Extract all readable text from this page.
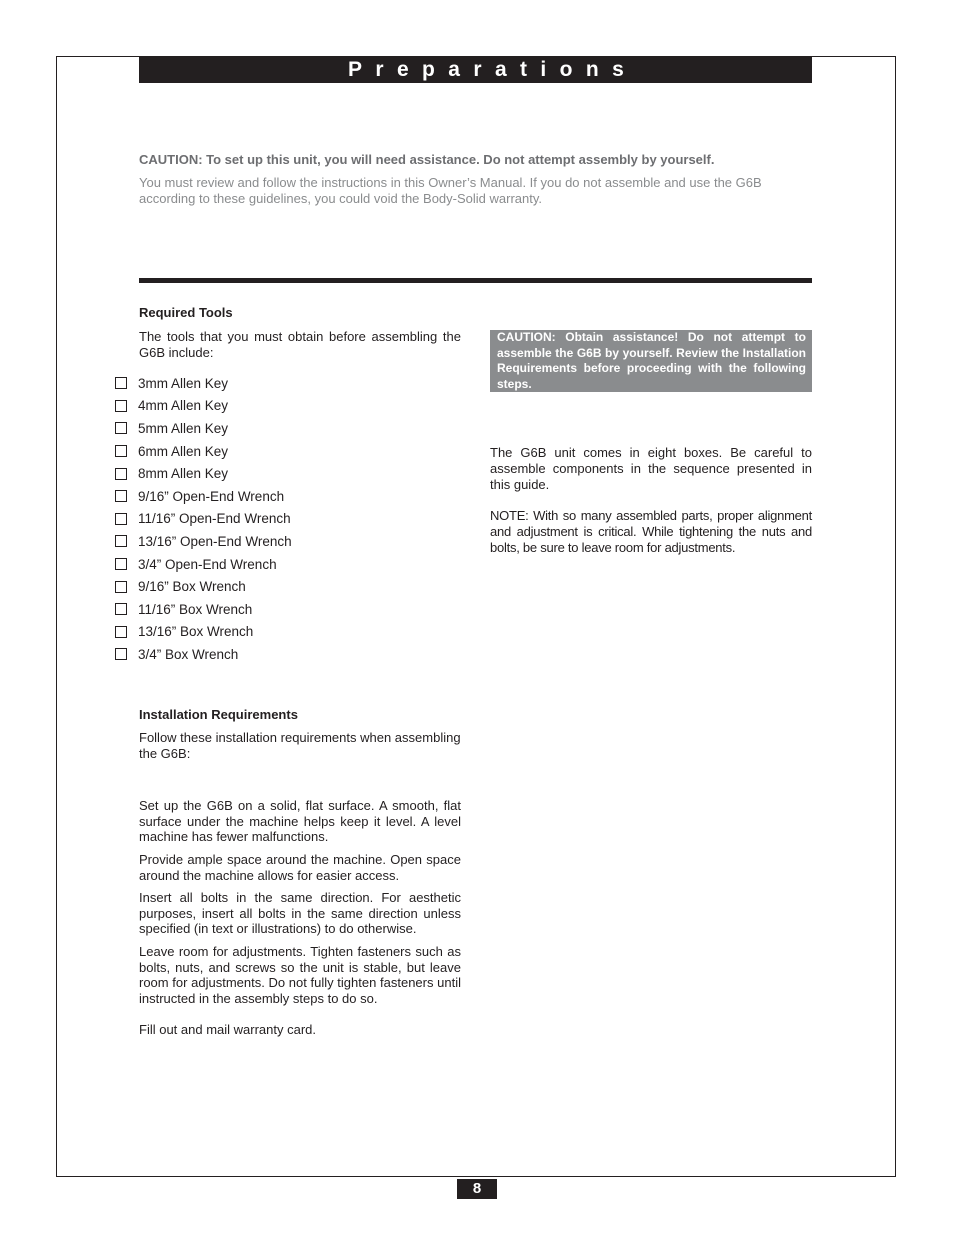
Preparations
CAUTION: To set up this unit, you will need assistance. Do not attempt assembly by yourself.
You must review and follow the instructions in this Owner’s Manual. If you do not assemble and use the G6B according to these guidelines, you could void the Body-Solid warranty.
Required Tools
The tools that you must obtain before assembling the G6B include:
3mm Allen Key
4mm Allen Key
5mm Allen Key
6mm Allen Key
8mm Allen Key
9/16” Open-End Wrench
11/16” Open-End Wrench
13/16” Open-End Wrench
3/4” Open-End Wrench
9/16” Box Wrench
11/16” Box Wrench
13/16” Box Wrench
3/4” Box Wrench
Installation Requirements
Follow these installation requirements when assembling the G6B:
Set up the G6B on a solid, flat surface. A smooth, flat surface under the machine helps keep it level. A level machine has fewer malfunctions.
Provide ample space around the machine. Open space around the machine allows for easier access.
Insert all bolts in the same direction. For aesthetic purposes, insert all bolts in the same direction unless specified (in text or illustrations) to do otherwise.
Leave room for adjustments. Tighten fasteners such as bolts, nuts, and screws so the unit is stable, but leave room for adjustments. Do not fully tighten fasteners until instructed in the assembly steps to do so.
Fill out and mail warranty card.
CAUTION: Obtain assistance! Do not attempt to assemble the G6B by yourself. Review the Installation Requirements before proceeding with the following steps.
The G6B unit comes in eight boxes. Be careful to assemble components in the sequence presented in this guide.
NOTE: With so many assembled parts, proper alignment and adjustment is critical. While tightening the nuts and bolts, be sure to leave room for adjustments.
8
